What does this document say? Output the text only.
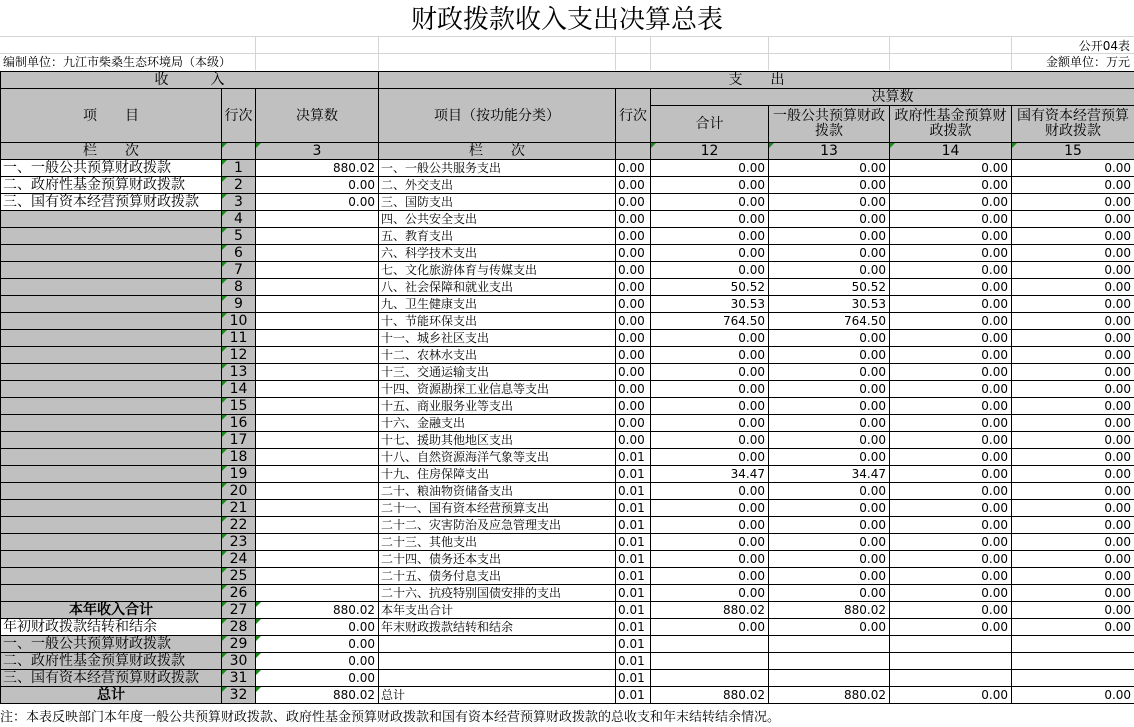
财政拨款收入支出决算总表
公开04表
编制单位：九江市柴桑生态环境局（本级）	金额单位：万元
收　　　入			支　　出					
项　　目	行次	决算数	项目（按功能分类）	行次	决算数			
					合计	一般公共预算财政拨款	政府性基金预算财政拨款	国有资本经营预算财政拨款

栏　　次		3	栏　　次		12	13	14	15
一、一般公共预算财政拨款	1	880.02	一、一般公共服务支出	0.00	0.00	0.00	0.00	0.00
二、政府性基金预算财政拨款	2	0.00	二、外交支出	0.00	0.00	0.00	0.00	0.00
三、国有资本经营预算财政拨款	3	0.00	三、国防支出	0.00	0.00	0.00	0.00	0.00
	4		四、公共安全支出	0.00	0.00	0.00	0.00	0.00
	5		五、教育支出	0.00	0.00	0.00	0.00	0.00
	6		六、科学技术支出	0.00	0.00	0.00	0.00	0.00
	7		七、文化旅游体育与传媒支出	0.00	0.00	0.00	0.00	0.00
	8		八、社会保障和就业支出	0.00	50.52	50.52	0.00	0.00
	9		九、卫生健康支出	0.00	30.53	30.53	0.00	0.00
	10		十、节能环保支出	0.00	764.50	764.50	0.00	0.00
	11		十一、城乡社区支出	0.00	0.00	0.00	0.00	0.00
	12		十二、农林水支出	0.00	0.00	0.00	0.00	0.00
	13		十三、交通运输支出	0.00	0.00	0.00	0.00	0.00
	14		十四、资源勘探工业信息等支出	0.00	0.00	0.00	0.00	0.00
	15		十五、商业服务业等支出	0.00	0.00	0.00	0.00	0.00
	16		十六、金融支出	0.00	0.00	0.00	0.00	0.00
	17		十七、援助其他地区支出	0.00	0.00	0.00	0.00	0.00
	18		十八、自然资源海洋气象等支出	0.01	0.00	0.00	0.00	0.00
	19		十九、住房保障支出	0.01	34.47	34.47	0.00	0.00
	20		二十、粮油物资储备支出	0.01	0.00	0.00	0.00	0.00
	21		二十一、国有资本经营预算支出	0.01	0.00	0.00	0.00	0.00
	22		二十二、灾害防治及应急管理支出	0.01	0.00	0.00	0.00	0.00
	23		二十三、其他支出	0.01	0.00	0.00	0.00	0.00
	24		二十四、债务还本支出	0.01	0.00	0.00	0.00	0.00
	25		二十五、债务付息支出	0.01	0.00	0.00	0.00	0.00
	26		二十六、抗疫特别国债安排的支出	0.01	0.00	0.00	0.00	0.00
本年收入合计	27	880.02	本年支出合计	0.01	880.02	880.02	0.00	0.00
年初财政拨款结转和结余	28	0.00	年末财政拨款结转和结余	0.01	0.00	0.00	0.00	0.00
一、一般公共预算财政拨款	29	0.00		0.01				
二、政府性基金预算财政拨款	30	0.00		0.01				
三、国有资本经营预算财政拨款	31	0.00		0.01				
总计	32	880.02	总计	0.01	880.02	880.02	0.00	0.00
注：本表反映部门本年度一般公共预算财政拨款、政府性基金预算财政拨款和国有资本经营预算财政拨款的总收支和年末结转结余情况。
